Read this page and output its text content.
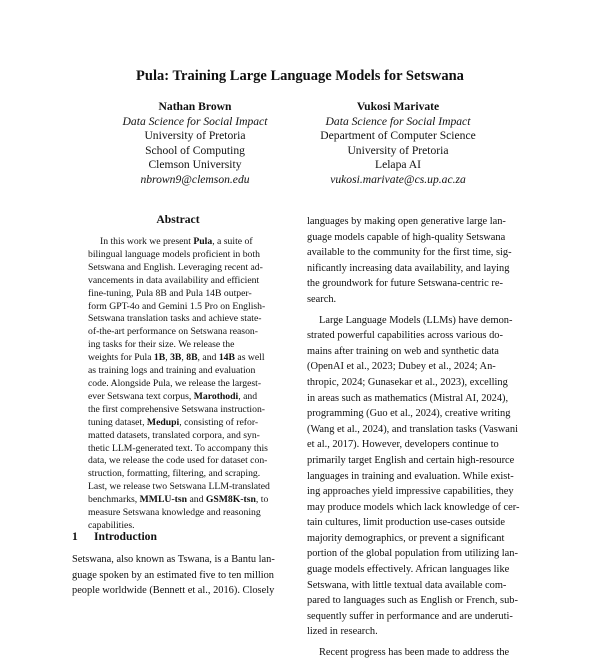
Pula: Training Large Language Models for Setswana
Nathan Brown
Data Science for Social Impact
University of Pretoria
School of Computing
Clemson University
nbrown9@clemson.edu
Vukosi Marivate
Data Science for Social Impact
Department of Computer Science
University of Pretoria
Lelapa AI
vukosi.marivate@cs.up.ac.za
Abstract
In this work we present Pula, a suite of
bilingual language models proficient in both
Setswana and English. Leveraging recent ad-
vancements in data availability and efficient
fine-tuning, Pula 8B and Pula 14B outper-
form GPT-4o and Gemini 1.5 Pro on English-
Setswana translation tasks and achieve state-
of-the-art performance on Setswana reason-
ing tasks for their size. We release the
weights for Pula 1B, 3B, 8B, and 14B as well
as training logs and training and evaluation
code. Alongside Pula, we release the largest-
ever Setswana text corpus, Marothodi, and
the first comprehensive Setswana instruction-
tuning dataset, Medupi, consisting of refor-
matted datasets, translated corpora, and syn-
thetic LLM-generated text. To accompany this
data, we release the code used for dataset con-
struction, formatting, filtering, and scraping.
Last, we release two Setswana LLM-translated
benchmarks, MMLU-tsn and GSM8K-tsn, to
measure Setswana knowledge and reasoning
capabilities.
1 Introduction
Setswana, also known as Tswana, is a Bantu lan-
guage spoken by an estimated five to ten million
people worldwide (Bennett et al., 2016). Closely
languages by making open generative large lan-
guage models capable of high-quality Setswana
available to the community for the first time, sig-
nificantly increasing data availability, and laying
the groundwork for future Setswana-centric re-
search.
Large Language Models (LLMs) have demon-
strated powerful capabilities across various do-
mains after training on web and synthetic data
(OpenAI et al., 2023; Dubey et al., 2024; An-
thropic, 2024; Gunasekar et al., 2023), excelling
in areas such as mathematics (Mistral AI, 2024),
programming (Guo et al., 2024), creative writing
(Wang et al., 2024), and translation tasks (Vaswani
et al., 2017). However, developers continue to
primarily target English and certain high-resource
languages in training and evaluation. While exist-
ing approaches yield impressive capabilities, they
may produce models which lack knowledge of cer-
tain cultures, limit production use-cases outside
majority demographics, or prevent a significant
portion of the global population from utilizing lan-
guage models effectively. African languages like
Setswana, with little textual data available com-
pared to languages such as English or French, sub-
sequently suffer in performance and are underuti-
lized in research.
Recent progress has been made to address the
